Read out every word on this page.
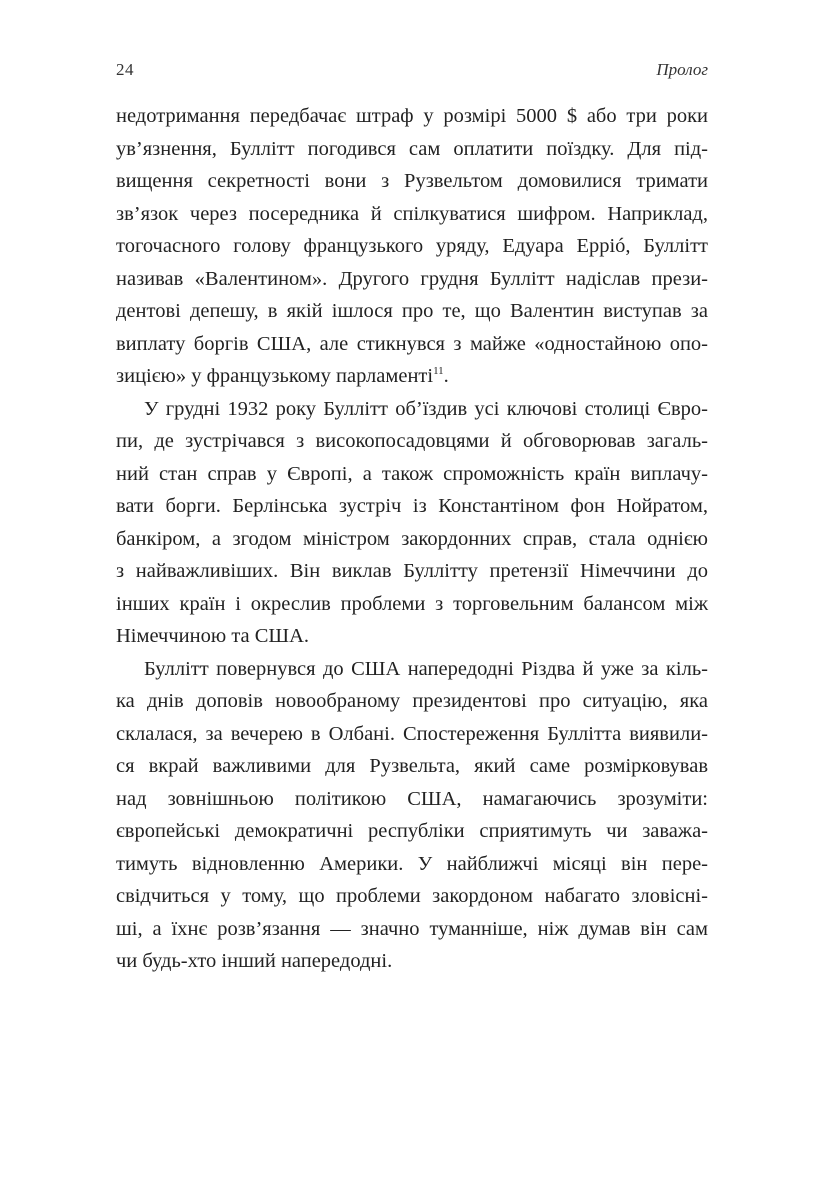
24	Пролог

недотримання передбачає штраф у розмірі 5000 $ або три роки
ув’язнення, Буллітт погодився сам оплатити поїздку. Для під-
вищення секретності вони з Рузвельтом домовилися тримати
зв’язок через посередника й спілкуватися шифром. Наприклад,
тогочасного голову французького уряду, Едуара Ерріó, Буллітт
називав «Валентином». Другого грудня Буллітт надіслав прези-
дентові депешу, в якій ішлося про те, що Валентин виступав за
виплату боргів США, але стикнувся з майже «одностайною опо-
зицією» у французькому парламенті$^{11}$.

У грудні 1932 року Буллітт об’їздив усі ключові столиці Євро-
пи, де зустрічався з високопосадовцями й обговорював загаль-
ний стан справ у Європі, а також спроможність країн виплачу-
вати борги. Берлінська зустріч із Константіном фон Нойратом,
банкіром, а згодом міністром закордонних справ, стала однією
з найважливіших. Він виклав Буллітту претензії Німеччини до
інших країн і окреслив проблеми з торговельним балансом між
Німеччиною та США.

Буллітт повернувся до США напередодні Різдва й уже за кіль-
ка днів доповів новообраному президентові про ситуацію, яка
склалася, за вечерею в Олбані. Спостереження Буллітта виявили-
ся вкрай важливими для Рузвельта, який саме розмірковував
над зовнішньою політикою США, намагаючись зрозуміти:
європейські демократичні республіки сприятимуть чи заважа-
тимуть відновленню Америки. У найближчі місяці він пере-
свідчиться у тому, що проблеми закордоном набагато зловісні-
ші, а їхнє розв’язання — значно туманніше, ніж думав він сам
чи будь-хто інший напередодні.
